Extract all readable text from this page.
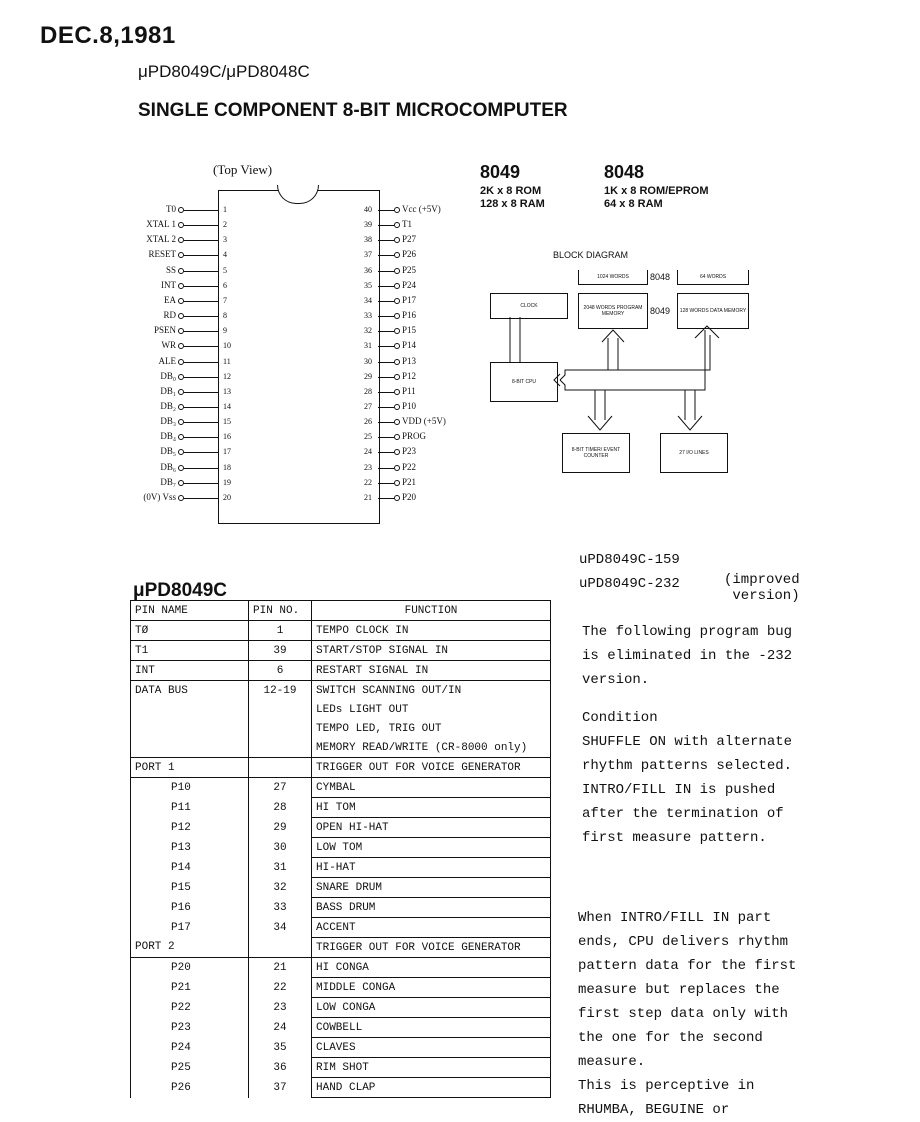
DEC.8,1981
μPD8049C/μPD8048C
SINGLE COMPONENT 8-BIT MICROCOMPUTER
(Top View)
T0	1
XTAL 1	2
XTAL 2	3
RESET	4
SS	5
INT	6
EA	7
RD	8
PSEN	9
WR	10
ALE	11
DB₀	12
DB₁	13
DB₂	14
DB₃	15
DB₄	16
DB₅	17
DB₆	18
DB₇	19
(0V) Vss	20
40	Vcc (+5V)
39	T1
38	P27
37	P26
36	P25
35	P24
34	P17
33	P16
32	P15
31	P14
30	P13
29	P12
28	P11
27	P10
26	VDD (+5V)
25	PROG
24	P23
23	P22
22	P21
21	P20
8049
2K x 8 ROM
128 x 8 RAM
8048
1K x 8 ROM/EPROM
64 x 8 RAM
BLOCK DIAGRAM
1024 WORDS 8048	64 WORDS
CLOCK	2048 WORDS PROGRAM MEMORY	8049 128 WORDS DATA MEMORY
8-BIT CPU
8-BIT TIMER/ EVENT COUNTER	27 I/O LINES
μPD8049C
PIN NAME	PIN NO.	FUNCTION
TØ	1	TEMPO CLOCK IN
T1	39	START/STOP SIGNAL IN
INT	6	RESTART SIGNAL IN
DATA BUS	12-19	SWITCH SCANNING OUT/IN
		LEDs LIGHT OUT
		TEMPO LED, TRIG OUT
		MEMORY READ/WRITE (CR-8000 only)
PORT 1		TRIGGER OUT FOR VOICE GENERATOR
P10	27	CYMBAL
P11	28	HI TOM
P12	29	OPEN HI-HAT
P13	30	LOW TOM
P14	31	HI-HAT
P15	32	SNARE DRUM
P16	33	BASS DRUM
P17	34	ACCENT
PORT 2		TRIGGER OUT FOR VOICE GENERATOR
P20	21	HI CONGA
P21	22	MIDDLE CONGA
P22	23	LOW CONGA
P23	24	COWBELL
P24	35	CLAVES
P25	36	RIM SHOT
P26	37	HAND CLAP
uPD8049C-159
uPD8049C-232	(improved
version)
The following program bug
is eliminated in the -232
version.
Condition
SHUFFLE ON with alternate
rhythm patterns selected.
INTRO/FILL IN is pushed
after the termination of
first measure pattern.
When INTRO/FILL IN part
ends, CPU delivers rhythm
pattern data for the first
measure but replaces the
first step data only with
the one for the second
measure.
This is perceptive in
RHUMBA, BEGUINE or
